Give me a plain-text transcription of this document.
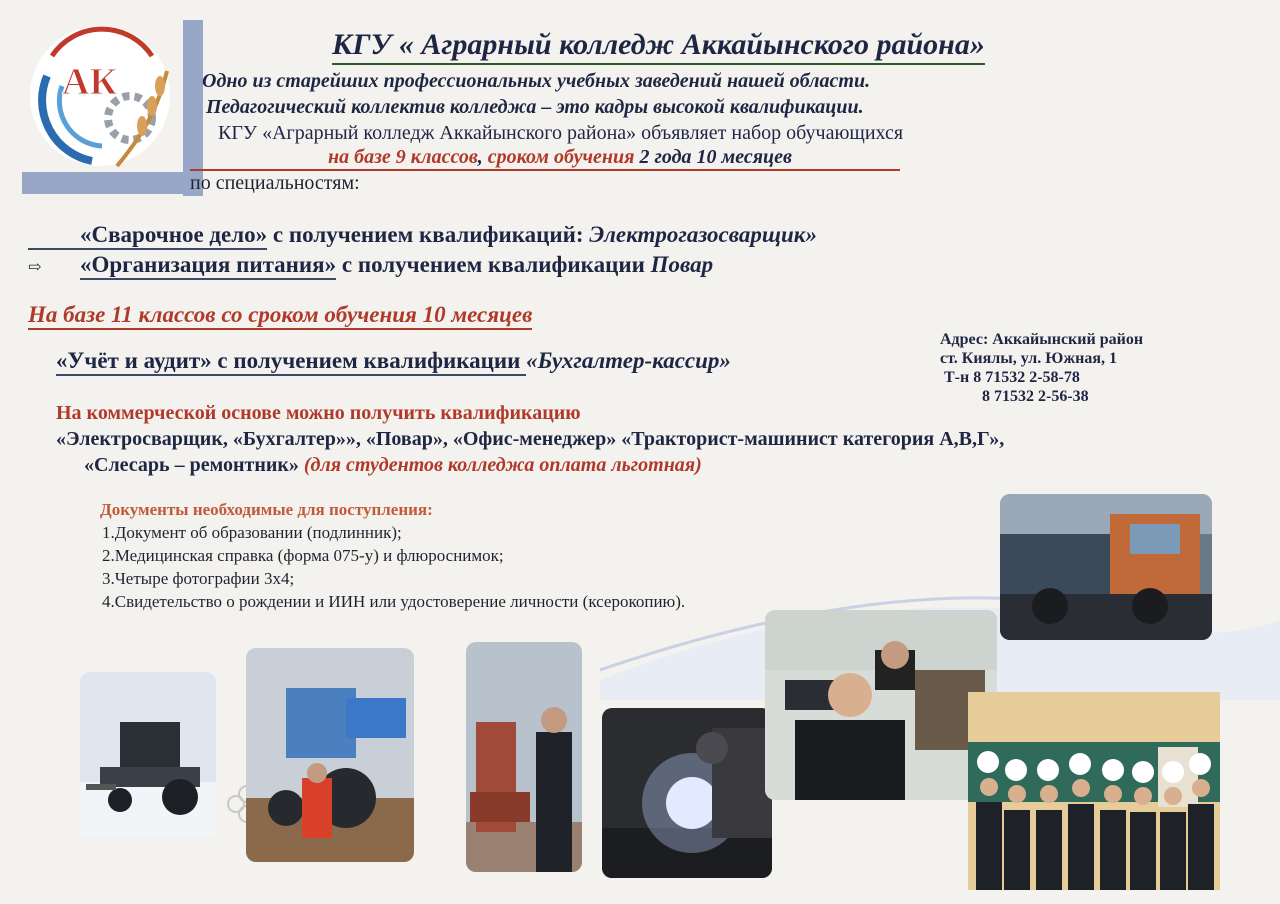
АК
КГУ « Аграрный колледж Аккайынского района»
Одно из старейших профессиональных учебных заведений нашей области.
Педагогический коллектив колледжа – это кадры высокой квалификации.
КГУ «Аграрный колледж Аккайынского района» объявляет набор обучающихся
на базе 9 классов, сроком обучения 2 года 10 месяцев
по специальностям:
«Сварочное дело» с получением квалификаций: Электрогазосварщик»
⇨ «Организация питания» с получением квалификации Повар
На базе 11 классов со сроком обучения 10 месяцев
«Учёт и аудит» с получением квалификации «Бухгалтер-кассир»
Адрес: Аккайынский район
ст. Киялы, ул. Южная, 1
Т-н 8 71532 2-58-78
8 71532 2-56-38
На коммерческой основе можно получить квалификацию
«Электросварщик, «Бухгалтер»», «Повар», «Офис-менеджер» «Тракторист-машинист категория А,В,Г»,
«Слесарь – ремонтник» (для студентов колледжа оплата льготная)
Документы необходимые для поступления:
1.Документ об образовании (подлинник);
2.Медицинская справка (форма 075-у) и флюроснимок;
3.Четыре фотографии 3х4;
4.Свидетельство о рождении и ИИН или удостоверение личности (ксерокопию).
